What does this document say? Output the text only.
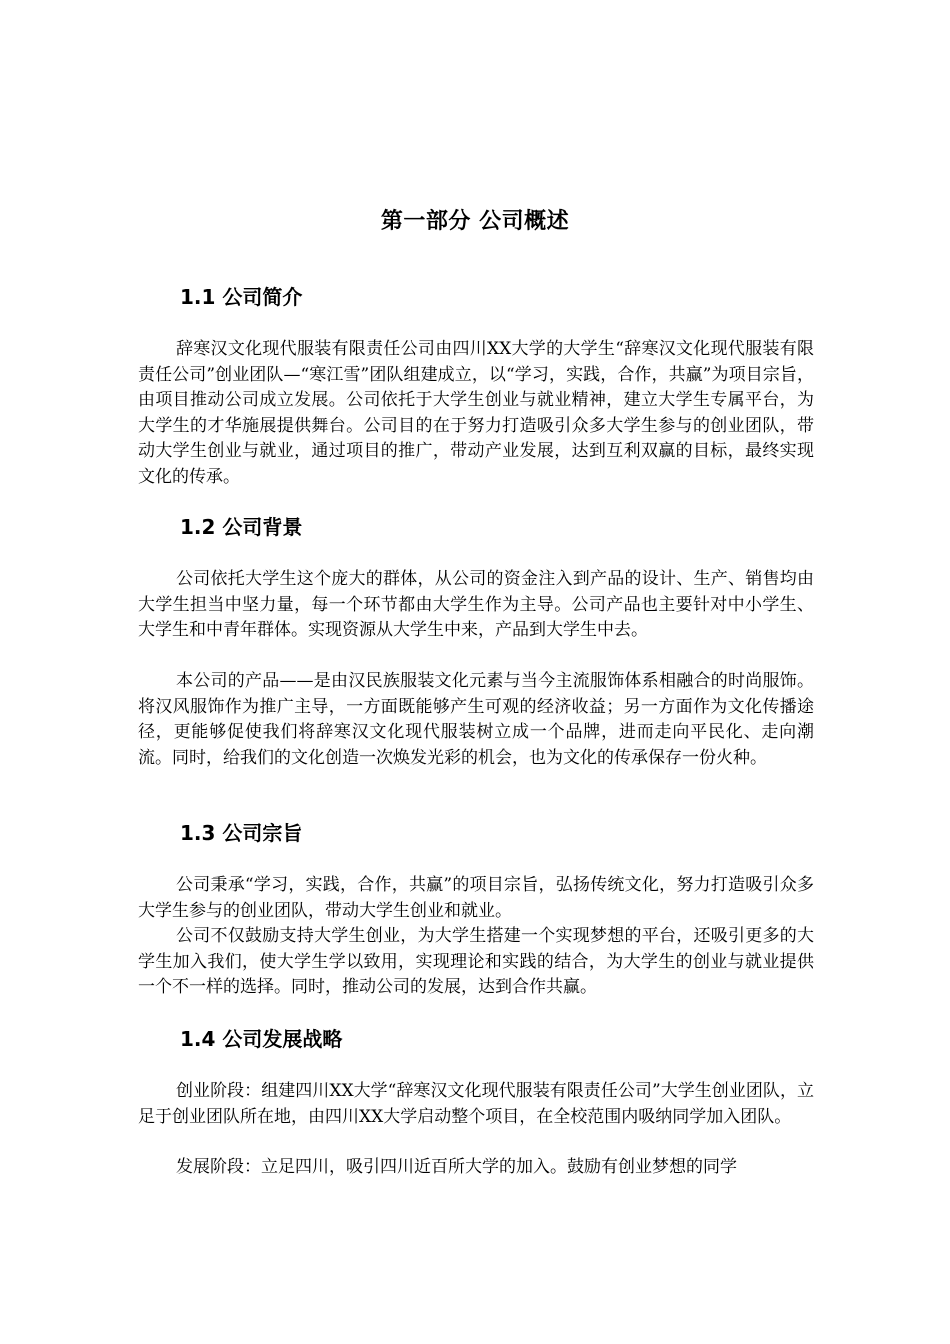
第一部分 公司概述
1.1 公司简介

辞寒汉文化现代服装有限责任公司由四川XX大学的大学生“辞寒汉文化现代服装有限责任公司”创业团队—“寒江雪”团队组建成立，以“学习，实践，合作，共赢”为项目宗旨，由项目推动公司成立发展。公司依托于大学生创业与就业精神，建立大学生专属平台，为大学生的才华施展提供舞台。公司目的在于努力打造吸引众多大学生参与的创业团队，带动大学生创业与就业，通过项目的推广，带动产业发展，达到互利双赢的目标，最终实现文化的传承。

1.2 公司背景

公司依托大学生这个庞大的群体，从公司的资金注入到产品的设计、生产、销售均由大学生担当中坚力量，每一个环节都由大学生作为主导。公司产品也主要针对中小学生、大学生和中青年群体。实现资源从大学生中来，产品到大学生中去。

本公司的产品——是由汉民族服装文化元素与当今主流服饰体系相融合的时尚服饰。将汉风服饰作为推广主导，一方面既能够产生可观的经济收益；另一方面作为文化传播途径，更能够促使我们将辞寒汉文化现代服装树立成一个品牌，进而走向平民化、走向潮流。同时，给我们的文化创造一次焕发光彩的机会，也为文化的传承保存一份火种。

1.3 公司宗旨

公司秉承“学习，实践，合作，共赢”的项目宗旨，弘扬传统文化，努力打造吸引众多大学生参与的创业团队，带动大学生创业和就业。

公司不仅鼓励支持大学生创业，为大学生搭建一个实现梦想的平台，还吸引更多的大学生加入我们，使大学生学以致用，实现理论和实践的结合，为大学生的创业与就业提供一个不一样的选择。同时，推动公司的发展，达到合作共赢。

1.4 公司发展战略

创业阶段：组建四川XX大学“辞寒汉文化现代服装有限责任公司”大学生创业团队，立足于创业团队所在地，由四川XX大学启动整个项目，在全校范围内吸纳同学加入团队。

发展阶段：立足四川，吸引四川近百所大学的加入。鼓励有创业梦想的同学
